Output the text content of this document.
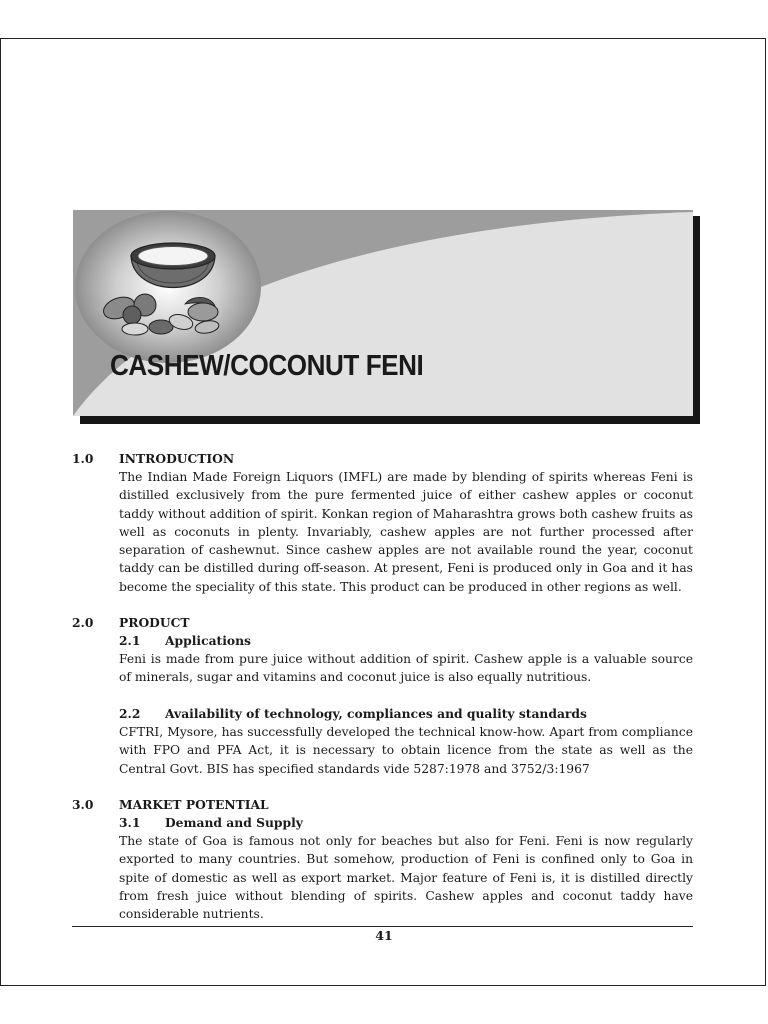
CASHEW/COCONUT FENI
1.0 INTRODUCTION

The Indian Made Foreign Liquors (IMFL) are made by blending of spirits whereas Feni is distilled exclusively from the pure fermented juice of either cashew apples or coconut taddy without addition of spirit. Konkan region of Maharashtra grows both cashew fruits as well as coconuts in plenty. Invariably, cashew apples are not further processed after separation of cashewnut. Since cashew apples are not available round the year, coconut taddy can be distilled during off-season. At present, Feni is produced only in Goa and it has become the speciality of this state. This product can be produced in other regions as well.

2.0 PRODUCT
2.1 Applications

Feni is made from pure juice without addition of spirit. Cashew apple is a valuable source of minerals, sugar and vitamins and coconut juice is also equally nutritious.

2.2 Availability of technology, compliances and quality standards

CFTRI, Mysore, has successfully developed the technical know-how. Apart from compliance with FPO and PFA Act, it is necessary to obtain licence from the state as well as the Central Govt. BIS has specified standards vide 5287:1978 and 3752/3:1967

3.0 MARKET POTENTIAL
3.1 Demand and Supply

The state of Goa is famous not only for beaches but also for Feni. Feni is now regularly exported to many countries. But somehow, production of Feni is confined only to Goa in spite of domestic as well as export market. Major feature of Feni is, it is distilled directly from fresh juice without blending of spirits. Cashew apples and coconut taddy have considerable nutrients.

41
